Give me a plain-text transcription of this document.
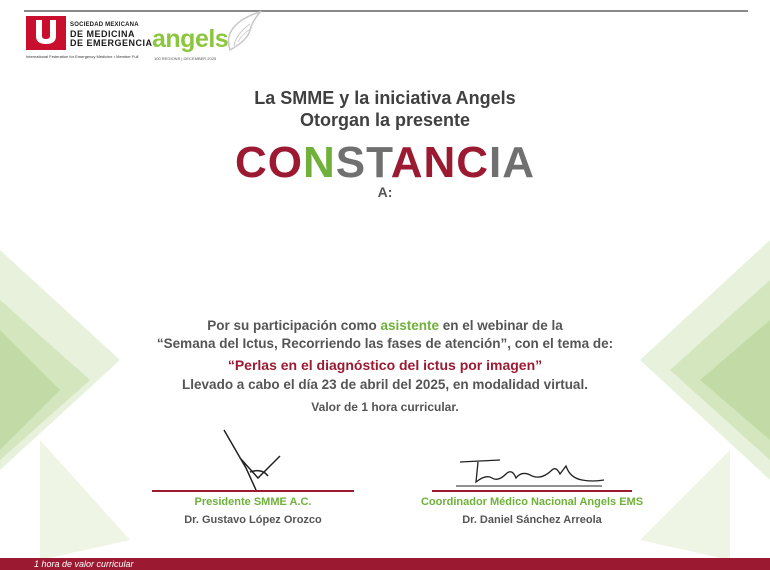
SOCIEDAD MEXICANA
DE MEDICINA
DE EMERGENCIA
International Federation for Emergency Medicine • Member Full
angels
100 REGIONS | DECEMBER 2025
La SMME y la iniciativa Angels
Otorgan la presente
CONSTANCIA
A:
Por su participación como asistente en el webinar de la
“Semana del Ictus, Recorriendo las fases de atención”, con el tema de:
“Perlas en el diagnóstico del ictus por imagen”
Llevado a cabo el día 23 de abril del 2025, en modalidad virtual.
Valor de 1 hora curricular.
Presidente SMME A.C.
Dr. Gustavo López Orozco
Coordinador Médico Nacional Angels EMS
Dr. Daniel Sánchez Arreola
1 hora de valor curricular
